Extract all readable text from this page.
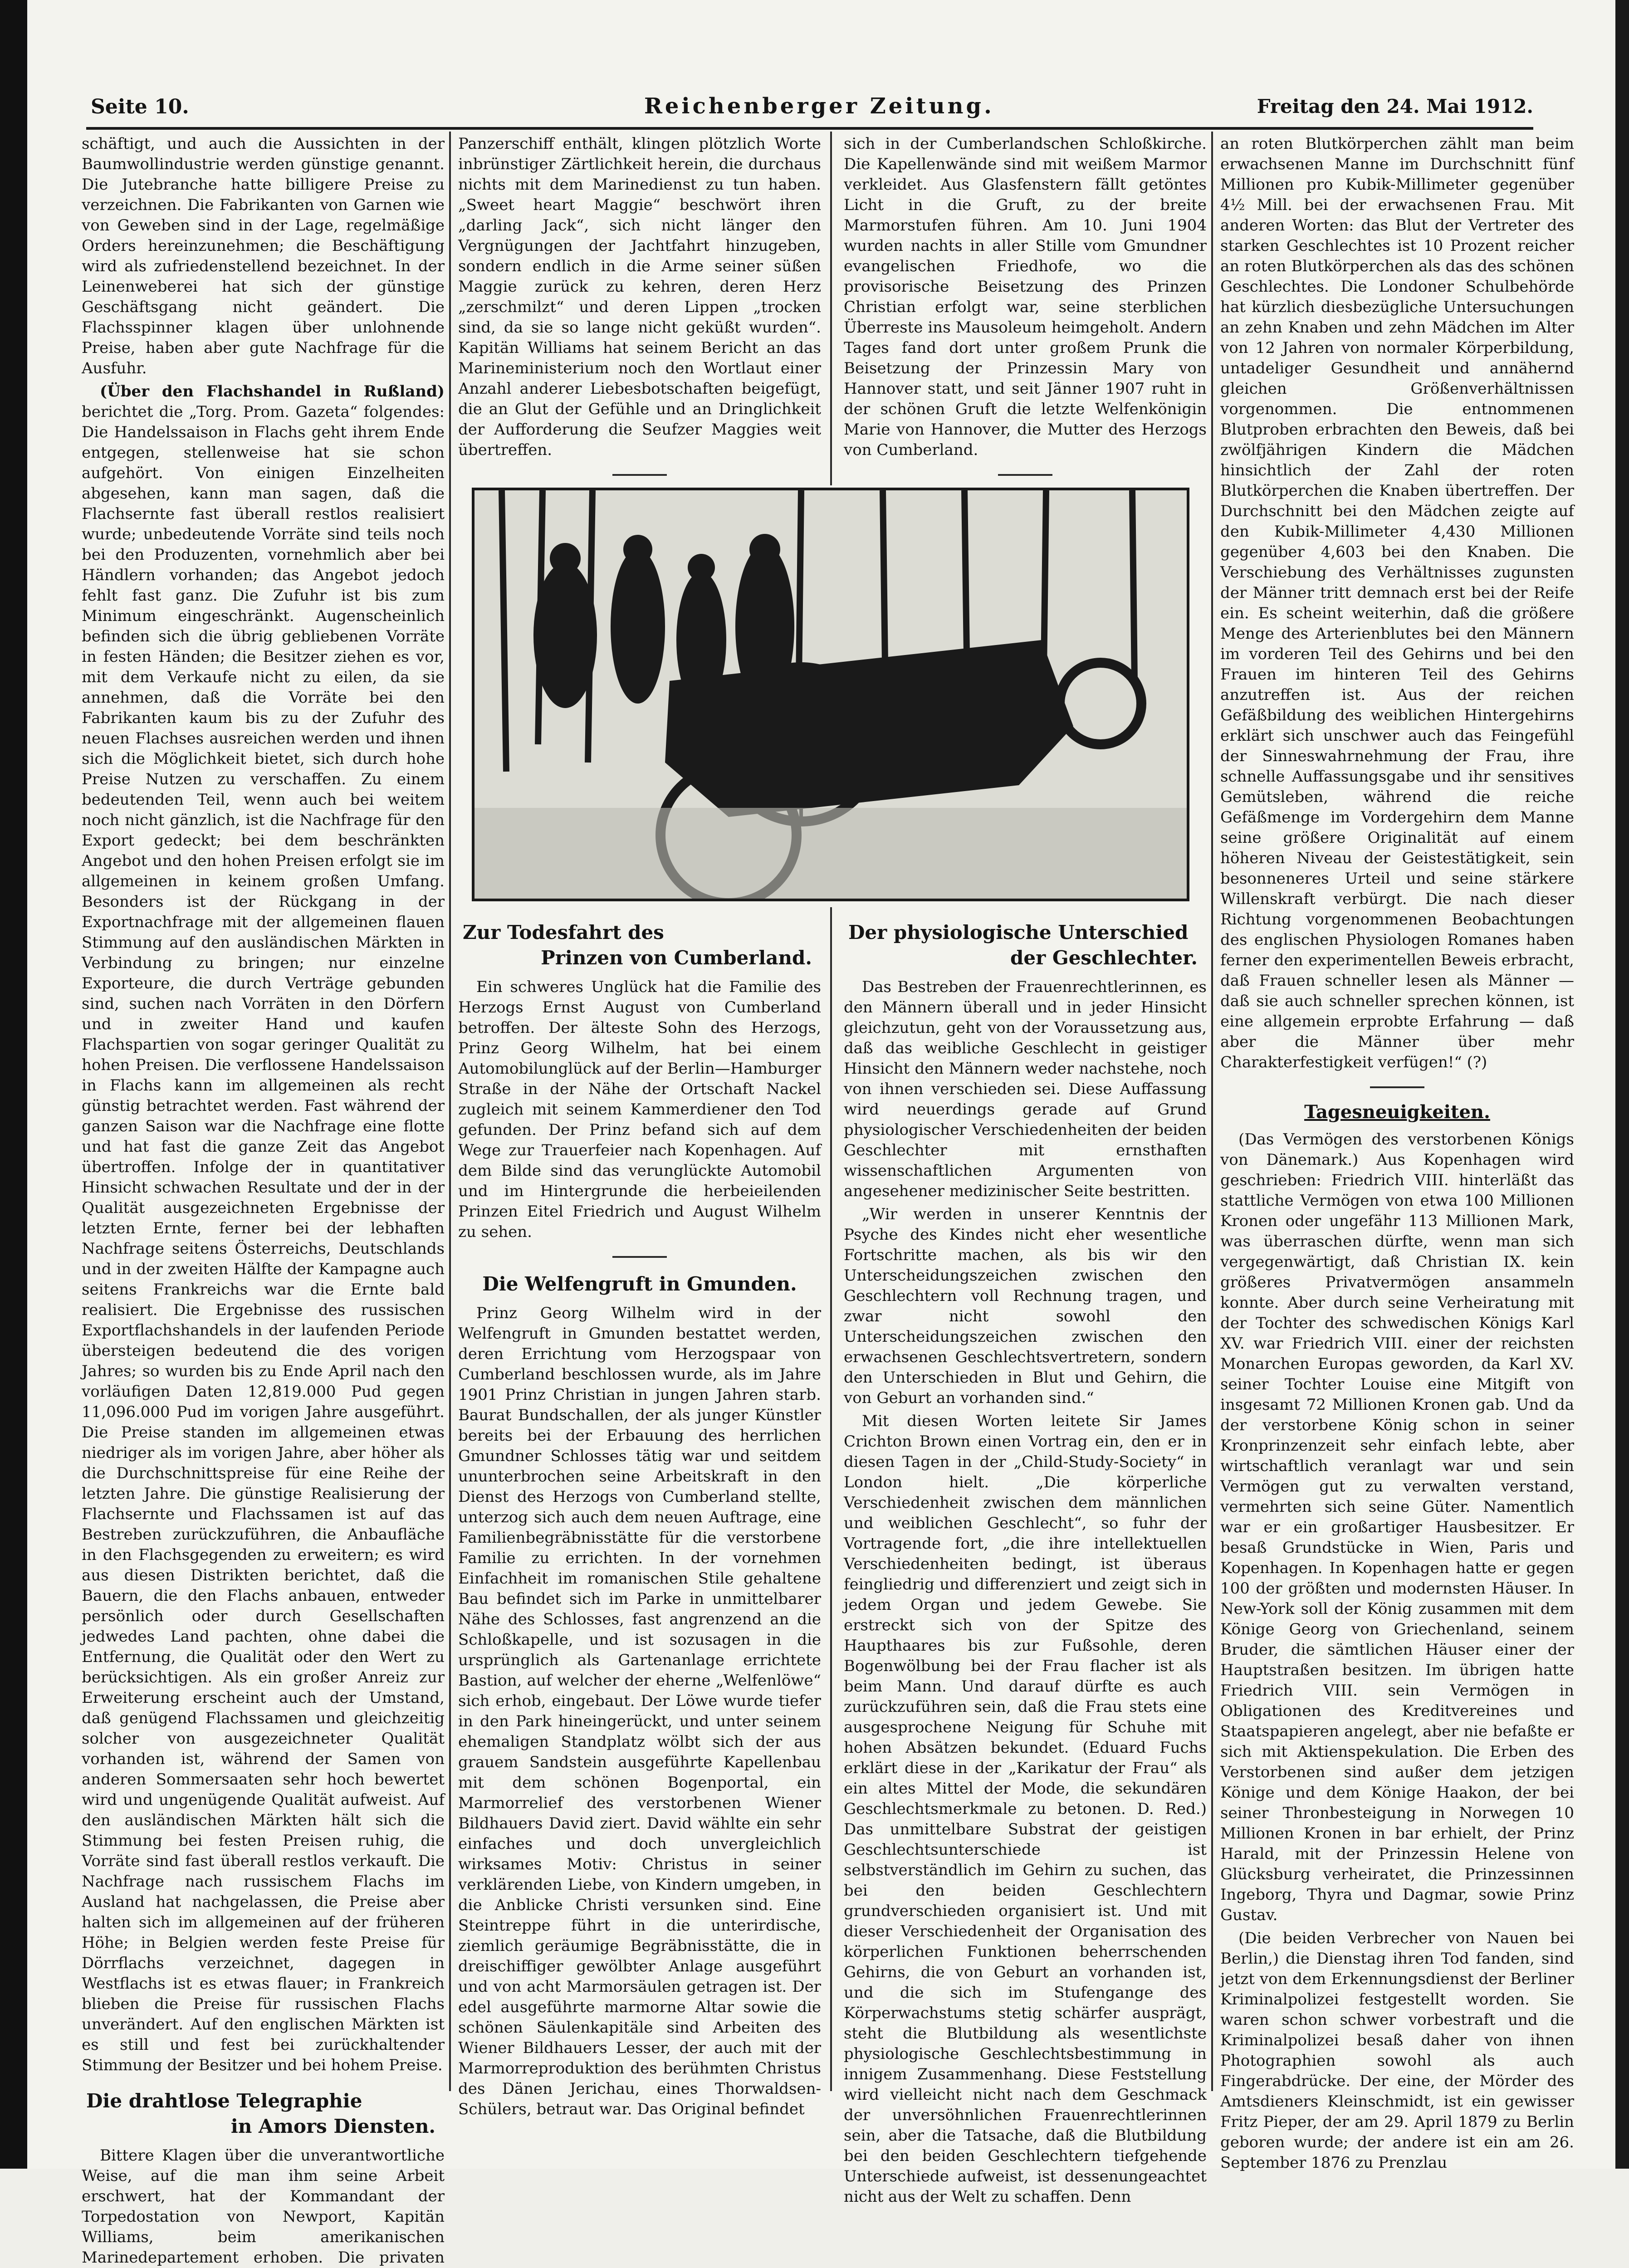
Seite 10.	Reichenberger Zeitung.	Freitag den 24. Mai 1912.

schäftigt, und auch die Aussichten in der Baumwollindustrie werden günstige genannt. Die Jutebranche hatte billigere Preise zu verzeichnen. Die Fabrikanten von Garnen wie von Geweben sind in der Lage, regelmäßige Orders hereinzunehmen; die Beschäftigung wird als zufriedenstellend bezeichnet. In der Leinenweberei hat sich der günstige Geschäftsgang nicht geändert. Die Flachsspinner klagen über unlohnende Preise, haben aber gute Nachfrage für die Ausfuhr.

(Über den Flachshandel in Rußland) berichtet die „Torg. Prom. Gazeta“ folgendes: Die Handelssaison in Flachs geht ihrem Ende entgegen, stellenweise hat sie schon aufgehört. Von einigen Einzelheiten abgesehen, kann man sagen, daß die Flachsernte fast überall restlos realisiert wurde; unbedeutende Vorräte sind teils noch bei den Produzenten, vornehmlich aber bei Händlern vorhanden; das Angebot jedoch fehlt fast ganz. Die Zufuhr ist bis zum Minimum eingeschränkt. Augenscheinlich befinden sich die übrig gebliebenen Vorräte in festen Händen; die Besitzer ziehen es vor, mit dem Verkaufe nicht zu eilen, da sie annehmen, daß die Vorräte bei den Fabrikanten kaum bis zu der Zufuhr des neuen Flachses ausreichen werden und ihnen sich die Möglichkeit bietet, sich durch hohe Preise Nutzen zu verschaffen. Zu einem bedeutenden Teil, wenn auch bei weitem noch nicht gänzlich, ist die Nachfrage für den Export gedeckt; bei dem beschränkten Angebot und den hohen Preisen erfolgt sie im allgemeinen in keinem großen Umfang. Besonders ist der Rückgang in der Exportnachfrage mit der allgemeinen flauen Stimmung auf den ausländischen Märkten in Verbindung zu bringen; nur einzelne Exporteure, die durch Verträge gebunden sind, suchen nach Vorräten in den Dörfern und in zweiter Hand und kaufen Flachspartien von sogar geringer Qualität zu hohen Preisen. Die verflossene Handelssaison in Flachs kann im allgemeinen als recht günstig betrachtet werden. Fast während der ganzen Saison war die Nachfrage eine flotte und hat fast die ganze Zeit das Angebot übertroffen. Infolge der in quantitativer Hinsicht schwachen Resultate und der in der Qualität ausgezeichneten Ergebnisse der letzten Ernte, ferner bei der lebhaften Nachfrage seitens Österreichs, Deutschlands und in der zweiten Hälfte der Kampagne auch seitens Frankreichs war die Ernte bald realisiert. Die Ergebnisse des russischen Exportflachshandels in der laufenden Periode übersteigen bedeutend die des vorigen Jahres; so wurden bis zu Ende April nach den vorläufigen Daten 12,819.000 Pud gegen 11,096.000 Pud im vorigen Jahre ausgeführt. Die Preise standen im allgemeinen etwas niedriger als im vorigen Jahre, aber höher als die Durchschnittspreise für eine Reihe der letzten Jahre. Die günstige Realisierung der Flachsernte und Flachssamen ist auf das Bestreben zurückzuführen, die Anbaufläche in den Flachsgegenden zu erweitern; es wird aus diesen Distrikten berichtet, daß die Bauern, die den Flachs anbauen, entweder persönlich oder durch Gesellschaften jedwedes Land pachten, ohne dabei die Entfernung, die Qualität oder den Wert zu berücksichtigen. Als ein großer Anreiz zur Erweiterung erscheint auch der Umstand, daß genügend Flachssamen und gleichzeitig solcher von ausgezeichneter Qualität vorhanden ist, während der Samen von anderen Sommersaaten sehr hoch bewertet wird und ungenügende Qualität aufweist. Auf den ausländischen Märkten hält sich die Stimmung bei festen Preisen ruhig, die Vorräte sind fast überall restlos verkauft. Die Nachfrage nach russischem Flachs im Ausland hat nachgelassen, die Preise aber halten sich im allgemeinen auf der früheren Höhe; in Belgien werden feste Preise für Dörrflachs verzeichnet, dagegen in Westflachs ist es etwas flauer; in Frankreich blieben die Preise für russischen Flachs unverändert. Auf den englischen Märkten ist es still und fest bei zurückhaltender Stimmung der Besitzer und bei hohem Preise.

Die drahtlose Telegraphie
in Amors Diensten.

Bittere Klagen über die unverantwortliche Weise, auf die man ihm seine Arbeit erschwert, hat der Kommandant der Torpedostation von Newport, Kapitän Williams, beim amerikanischen Marinedepartement erhoben. Die privaten

Panzerschiff enthält, klingen plötzlich Worte inbrünstiger Zärtlichkeit herein, die durchaus nichts mit dem Marinedienst zu tun haben. „Sweet heart Maggie“ beschwört ihren „darling Jack“, sich nicht länger den Vergnügungen der Jachtfahrt hinzugeben, sondern endlich in die Arme seiner süßen Maggie zurück zu kehren, deren Herz „zerschmilzt“ und deren Lippen „trocken sind, da sie so lange nicht geküßt wurden“. Kapitän Williams hat seinem Bericht an das Marineministerium noch den Wortlaut einer Anzahl anderer Liebesbotschaften beigefügt, die an Glut der Gefühle und an Dringlichkeit der Aufforderung die Seufzer Maggies weit übertreffen.

sich in der Cumberlandschen Schloßkirche. Die Kapellenwände sind mit weißem Marmor verkleidet. Aus Glasfenstern fällt getöntes Licht in die Gruft, zu der breite Marmorstufen führen. Am 10. Juni 1904 wurden nachts in aller Stille vom Gmundner evangelischen Friedhofe, wo die provisorische Beisetzung des Prinzen Christian erfolgt war, seine sterblichen Überreste ins Mausoleum heimgeholt. Andern Tages fand dort unter großem Prunk die Beisetzung der Prinzessin Mary von Hannover statt, und seit Jänner 1907 ruht in der schönen Gruft die letzte Welfenkönigin Marie von Hannover, die Mutter des Herzogs von Cumberland.

Zur Todesfahrt des
Prinzen von Cumberland.

Ein schweres Unglück hat die Familie des Herzogs Ernst August von Cumberland betroffen. Der älteste Sohn des Herzogs, Prinz Georg Wilhelm, hat bei einem Automobilunglück auf der Berlin—Hamburger Straße in der Nähe der Ortschaft Nackel zugleich mit seinem Kammerdiener den Tod gefunden. Der Prinz befand sich auf dem Wege zur Trauerfeier nach Kopenhagen. Auf dem Bilde sind das verunglückte Automobil und im Hintergrunde die herbeieilenden Prinzen Eitel Friedrich und August Wilhelm zu sehen.

Die Welfengruft in Gmunden.

Prinz Georg Wilhelm wird in der Welfengruft in Gmunden bestattet werden, deren Errichtung vom Herzogspaar von Cumberland beschlossen wurde, als im Jahre 1901 Prinz Christian in jungen Jahren starb. Baurat Bundschallen, der als junger Künstler bereits bei der Erbauung des herrlichen Gmundner Schlosses tätig war und seitdem ununterbrochen seine Arbeitskraft in den Dienst des Herzogs von Cumberland stellte, unterzog sich auch dem neuen Auftrage, eine Familienbegräbnisstätte für die verstorbene Familie zu errichten. In der vornehmen Einfachheit im romanischen Stile gehaltene Bau befindet sich im Parke in unmittelbarer Nähe des Schlosses, fast angrenzend an die Schloßkapelle, und ist sozusagen in die ursprünglich als Gartenanlage errichtete Bastion, auf welcher der eherne „Welfenlöwe“ sich erhob, eingebaut. Der Löwe wurde tiefer in den Park hineingerückt, und unter seinem ehemaligen Standplatz wölbt sich der aus grauem Sandstein ausgeführte Kapellenbau mit dem schönen Bogenportal, ein Marmorrelief des verstorbenen Wiener Bildhauers David ziert. David wählte ein sehr einfaches und doch unvergleichlich wirksames Motiv: Christus in seiner verklärenden Liebe, von Kindern umgeben, in die Anblicke Christi versunken sind. Eine Steintreppe führt in die unterirdische, ziemlich geräumige Begräbnisstätte, die in dreischiffiger gewölbter Anlage ausgeführt und von acht Marmorsäulen getragen ist. Der edel ausgeführte marmorne Altar sowie die schönen Säulenkapitäle sind Arbeiten des Wiener Bildhauers Lesser, der auch mit der Marmorreproduktion des berühmten Christus des Dänen Jerichau, eines Thorwaldsen-Schülers, betraut war. Das Original befindet

Der physiologische Unterschied
der Geschlechter.

Das Bestreben der Frauenrechtlerinnen, es den Männern überall und in jeder Hinsicht gleichzutun, geht von der Voraussetzung aus, daß das weibliche Geschlecht in geistiger Hinsicht den Männern weder nachstehe, noch von ihnen verschieden sei. Diese Auffassung wird neuerdings gerade auf Grund physiologischer Verschiedenheiten der beiden Geschlechter mit ernsthaften wissenschaftlichen Argumenten von angesehener medizinischer Seite bestritten.

„Wir werden in unserer Kenntnis der Psyche des Kindes nicht eher wesentliche Fortschritte machen, als bis wir den Unterscheidungszeichen zwischen den Geschlechtern voll Rechnung tragen, und zwar nicht sowohl den Unterscheidungszeichen zwischen den erwachsenen Geschlechtsvertretern, sondern den Unterschieden in Blut und Gehirn, die von Geburt an vorhanden sind.“

Mit diesen Worten leitete Sir James Crichton Brown einen Vortrag ein, den er in diesen Tagen in der „Child-Study-Society“ in London hielt. „Die körperliche Verschiedenheit zwischen dem männlichen und weiblichen Geschlecht“, so fuhr der Vortragende fort, „die ihre intellektuellen Verschiedenheiten bedingt, ist überaus feingliedrig und differenziert und zeigt sich in jedem Organ und jedem Gewebe. Sie erstreckt sich von der Spitze des Haupthaares bis zur Fußsohle, deren Bogenwölbung bei der Frau flacher ist als beim Mann. Und darauf dürfte es auch zurückzuführen sein, daß die Frau stets eine ausgesprochene Neigung für Schuhe mit hohen Absätzen bekundet. (Eduard Fuchs erklärt diese in der „Karikatur der Frau“ als ein altes Mittel der Mode, die sekundären Geschlechtsmerkmale zu betonen. D. Red.) Das unmittelbare Substrat der geistigen Geschlechtsunterschiede ist selbstverständlich im Gehirn zu suchen, das bei den beiden Geschlechtern grundverschieden organisiert ist. Und mit dieser Verschiedenheit der Organisation des körperlichen Funktionen beherrschenden Gehirns, die von Geburt an vorhanden ist, und die sich im Stufengange des Körperwachstums stetig schärfer ausprägt, steht die Blutbildung als wesentlichste physiologische Geschlechtsbestimmung in innigem Zusammenhang. Diese Feststellung wird vielleicht nicht nach dem Geschmack der unversöhnlichen Frauenrechtlerinnen sein, aber die Tatsache, daß die Blutbildung bei den beiden Geschlechtern tiefgehende Unterschiede aufweist, ist dessenungeachtet nicht aus der Welt zu schaffen. Denn

an roten Blutkörperchen zählt man beim erwachsenen Manne im Durchschnitt fünf Millionen pro Kubik-Millimeter gegenüber 4½ Mill. bei der erwachsenen Frau. Mit anderen Worten: das Blut der Vertreter des starken Geschlechtes ist 10 Prozent reicher an roten Blutkörperchen als das des schönen Geschlechtes. Die Londoner Schulbehörde hat kürzlich diesbezügliche Untersuchungen an zehn Knaben und zehn Mädchen im Alter von 12 Jahren von normaler Körperbildung, untadeliger Gesundheit und annähernd gleichen Größenverhältnissen vorgenommen. Die entnommenen Blutproben erbrachten den Beweis, daß bei zwölfjährigen Kindern die Mädchen hinsichtlich der Zahl der roten Blutkörperchen die Knaben übertreffen. Der Durchschnitt bei den Mädchen zeigte auf den Kubik-Millimeter 4,430 Millionen gegenüber 4,603 bei den Knaben. Die Verschiebung des Verhältnisses zugunsten der Männer tritt demnach erst bei der Reife ein. Es scheint weiterhin, daß die größere Menge des Arterienblutes bei den Männern im vorderen Teil des Gehirns und bei den Frauen im hinteren Teil des Gehirns anzutreffen ist. Aus der reichen Gefäßbildung des weiblichen Hintergehirns erklärt sich unschwer auch das Feingefühl der Sinneswahrnehmung der Frau, ihre schnelle Auffassungsgabe und ihr sensitives Gemütsleben, während die reiche Gefäßmenge im Vordergehirn dem Manne seine größere Originalität auf einem höheren Niveau der Geistestätigkeit, sein besonneneres Urteil und seine stärkere Willenskraft verbürgt. Die nach dieser Richtung vorgenommenen Beobachtungen des englischen Physiologen Romanes haben ferner den experimentellen Beweis erbracht, daß Frauen schneller lesen als Männer — daß sie auch schneller sprechen können, ist eine allgemein erprobte Erfahrung — daß aber die Männer über mehr Charakterfestigkeit verfügen!“ (?)

Tagesneuigkeiten.

(Das Vermögen des verstorbenen Königs von Dänemark.) Aus Kopenhagen wird geschrieben: Friedrich VIII. hinterläßt das stattliche Vermögen von etwa 100 Millionen Kronen oder ungefähr 113 Millionen Mark, was überraschen dürfte, wenn man sich vergegenwärtigt, daß Christian IX. kein größeres Privatvermögen ansammeln konnte. Aber durch seine Verheiratung mit der Tochter des schwedischen Königs Karl XV. war Friedrich VIII. einer der reichsten Monarchen Europas geworden, da Karl XV. seiner Tochter Louise eine Mitgift von insgesamt 72 Millionen Kronen gab. Und da der verstorbene König schon in seiner Kronprinzenzeit sehr einfach lebte, aber wirtschaftlich veranlagt war und sein Vermögen gut zu verwalten verstand, vermehrten sich seine Güter. Namentlich war er ein großartiger Hausbesitzer. Er besaß Grundstücke in Wien, Paris und Kopenhagen. In Kopenhagen hatte er gegen 100 der größten und modernsten Häuser. In New-York soll der König zusammen mit dem Könige Georg von Griechenland, seinem Bruder, die sämtlichen Häuser einer der Hauptstraßen besitzen. Im übrigen hatte Friedrich VIII. sein Vermögen in Obligationen des Kreditvereines und Staatspapieren angelegt, aber nie befaßte er sich mit Aktienspekulation. Die Erben des Verstorbenen sind außer dem jetzigen Könige und dem Könige Haakon, der bei seiner Thronbesteigung in Norwegen 10 Millionen Kronen in bar erhielt, der Prinz Harald, mit der Prinzessin Helene von Glücksburg verheiratet, die Prinzessinnen Ingeborg, Thyra und Dagmar, sowie Prinz Gustav.

(Die beiden Verbrecher von Nauen bei Berlin,) die Dienstag ihren Tod fanden, sind jetzt von dem Erkennungsdienst der Berliner Kriminalpolizei festgestellt worden. Sie waren schon schwer vorbestraft und die Kriminalpolizei besaß daher von ihnen Photographien sowohl als auch Fingerabdrücke. Der eine, der Mörder des Amtsdieners Kleinschmidt, ist ein gewisser Fritz Pieper, der am 29. April 1879 zu Berlin geboren wurde; der andere ist ein am 26. September 1876 zu Prenzlau
